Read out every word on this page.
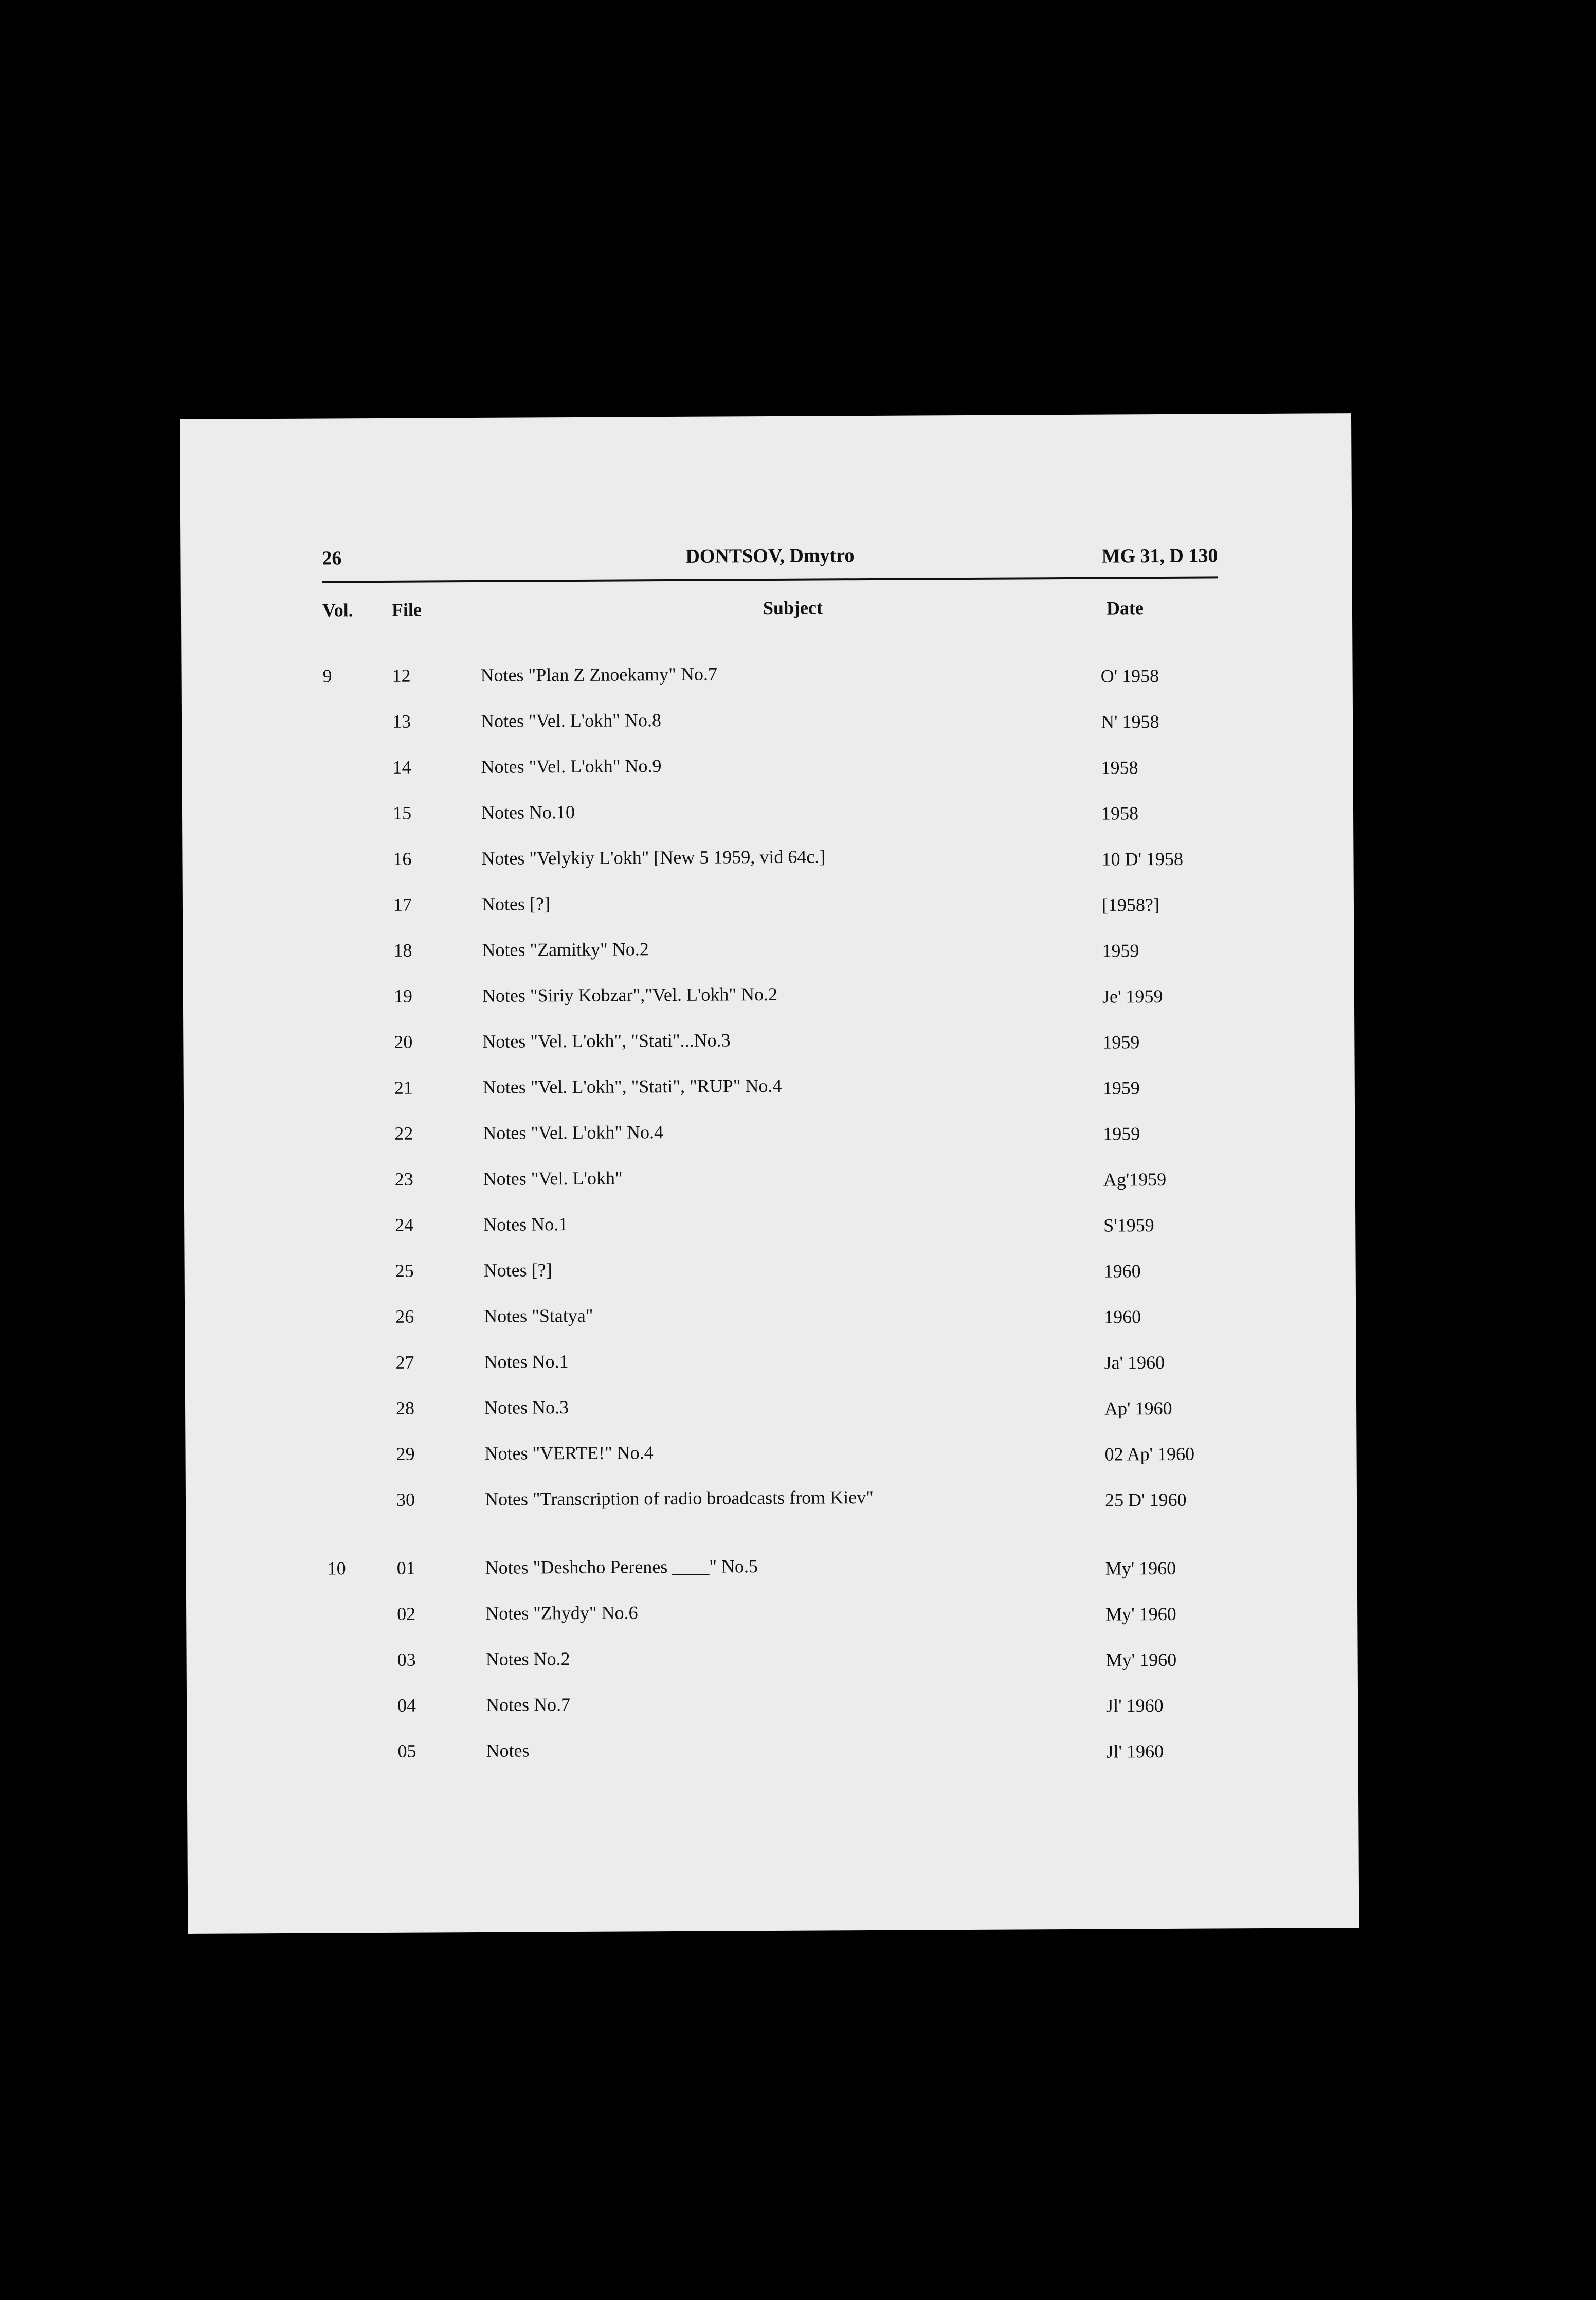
26	DONTSOV, Dmytro	MG 31, D 130
Vol. File	Subject	Date
9	12	Notes "Plan Z Znoekamy" No.7	O' 1958
13	Notes "Vel. L'okh" No.8	N' 1958
14	Notes "Vel. L'okh" No.9	1958
15	Notes No.10	1958
16	Notes "Velykiy L'okh" [New 5 1959, vid 64c.]	10 D' 1958
17	Notes [?]	[1958?]
18	Notes "Zamitky" No.2	1959
19	Notes "Siriy Kobzar","Vel. L'okh" No.2	Je' 1959
20	Notes "Vel. L'okh", "Stati"...No.3	1959
21	Notes "Vel. L'okh", "Stati", "RUP" No.4	1959
22	Notes "Vel. L'okh" No.4	1959
23	Notes "Vel. L'okh"	Ag'1959
24	Notes No.1	S'1959
25	Notes [?]	1960
26	Notes "Statya"	1960
27	Notes No.1	Ja' 1960
28	Notes No.3	Ap' 1960
29	Notes "VERTE!" No.4	02 Ap' 1960
30	Notes "Transcription of radio broadcasts from Kiev"	25 D' 1960
10	01	Notes "Deshcho Perenes ____" No.5	My' 1960
02	Notes "Zhydy" No.6	My' 1960
03	Notes No.2	My' 1960
04	Notes No.7	Jl' 1960
05	Notes	Jl' 1960
